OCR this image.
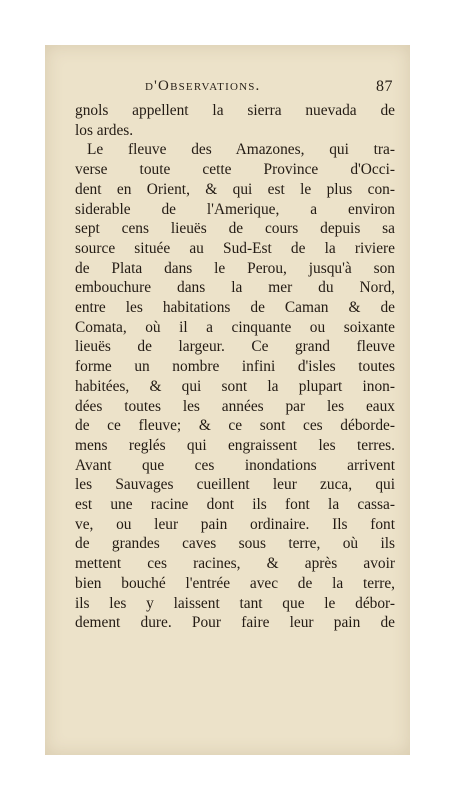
d'Observations.	87
gnols appellent la sierra nuevada de
los ardes.
Le fleuve des Amazones, qui tra-
verse toute cette Province d'Occi-
dent en Orient, & qui est le plus con-
siderable de l'Amerique, a environ
sept cens lieuës de cours depuis sa
source située au Sud-Est de la riviere
de Plata dans le Perou, jusqu'à son
embouchure dans la mer du Nord,
entre les habitations de Caman & de
Comata, où il a cinquante ou soixante
lieuës de largeur. Ce grand fleuve
forme un nombre infini d'isles toutes
habitées, & qui sont la plupart inon-
dées toutes les années par les eaux
de ce fleuve; & ce sont ces déborde-
mens reglés qui engraissent les terres.
Avant que ces inondations arrivent
les Sauvages cueillent leur zuca, qui
est une racine dont ils font la cassa-
ve, ou leur pain ordinaire. Ils font
de grandes caves sous terre, où ils
mettent ces racines, & après avoir
bien bouché l'entrée avec de la terre,
ils les y laissent tant que le débor-
dement dure. Pour faire leur pain de
